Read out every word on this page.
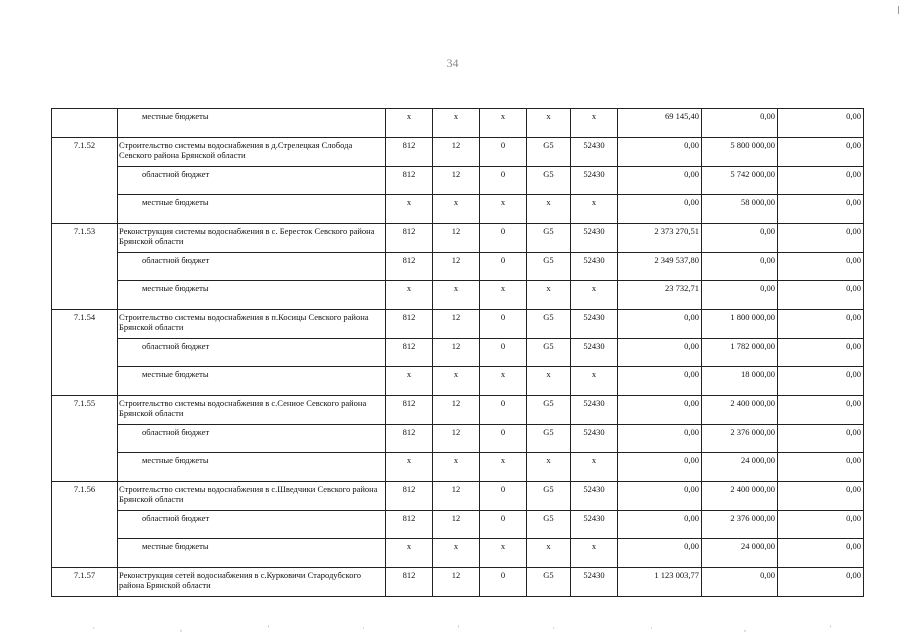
34
	местные бюджеты	х	х	х	х	х	69 145,40	0,00	0,00
7.1.52	Строительство системы водоснабжения в д.Стрелецкая Слобода Севского района Брянской области	812	12	0	G5	52430	0,00	5 800 000,00	0,00
	областной бюджет	812	12	0	G5	52430	0,00	5 742 000,00	0,00
	местные бюджеты	х	х	х	х	х	0,00	58 000,00	0,00
7.1.53	Реконструкция системы водоснабжения в с. Бересток Севского района Брянской области	812	12	0	G5	52430	2 373 270,51	0,00	0,00
	областной бюджет	812	12	0	G5	52430	2 349 537,80	0,00	0,00
	местные бюджеты	х	х	х	х	х	23 732,71	0,00	0,00
7.1.54	Строительство системы водоснабжения в п.Косицы Севского района Брянской области	812	12	0	G5	52430	0,00	1 800 000,00	0,00
	областной бюджет	812	12	0	G5	52430	0,00	1 782 000,00	0,00
	местные бюджеты	х	х	х	х	х	0,00	18 000,00	0,00
7.1.55	Строительство системы водоснабжения в с.Сениое Севского района Брянской области	812	12	0	G5	52430	0,00	2 400 000,00	0,00
	областной бюджет	812	12	0	G5	52430	0,00	2 376 000,00	0,00
	местные бюджеты	х	х	х	х	х	0,00	24 000,00	0,00
7.1.56	Строительство системы водоснабжения в с.Шведчики Севского района Брянской области	812	12	0	G5	52430	0,00	2 400 000,00	0,00
	областной бюджет	812	12	0	G5	52430	0,00	2 376 000,00	0,00
	местные бюджеты	х	х	х	х	х	0,00	24 000,00	0,00
7.1.57	Реконструкция сетей водоснабжения в с.Курковичи Стародубского района Брянской области	812	12	0	G5	52430	1 123 003,77	0,00	0,00
·	,	'	·	'	·	·	,	'
